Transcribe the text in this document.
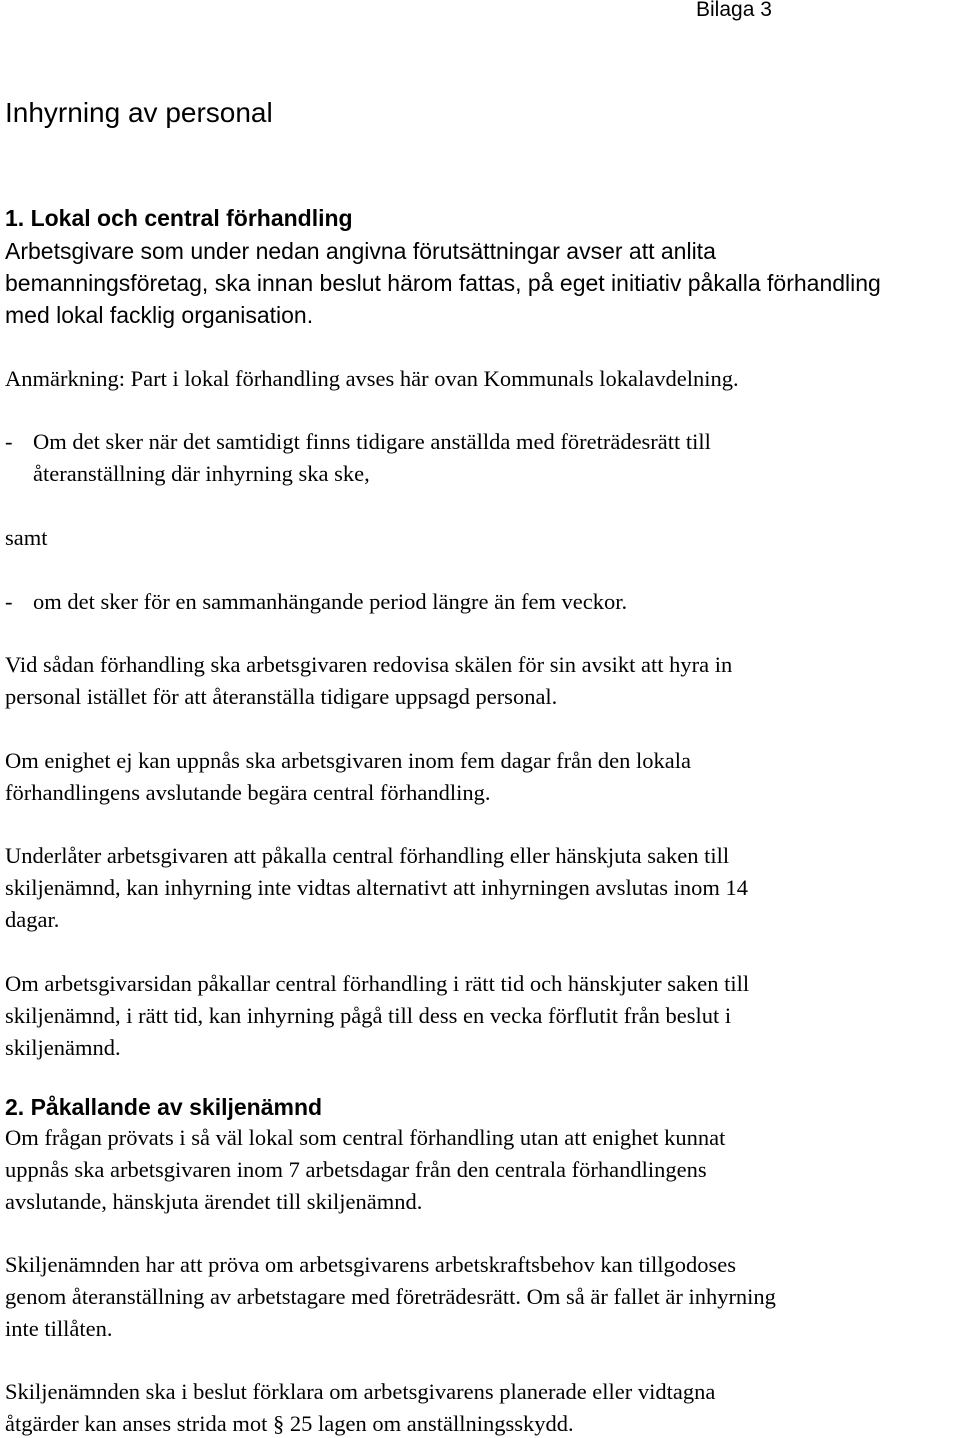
Bilaga 3
Inhyrning av personal
1. Lokal och central förhandling
Arbetsgivare som under nedan angivna förutsättningar avser att anlita
bemanningsföretag, ska innan beslut härom fattas, på eget initiativ påkalla förhandling
med lokal facklig organisation.
Anmärkning: Part i lokal förhandling avses här ovan Kommunals lokalavdelning.
- Om det sker när det samtidigt finns tidigare anställda med företrädesrätt till
återanställning där inhyrning ska ske,
samt
- om det sker för en sammanhängande period längre än fem veckor.
Vid sådan förhandling ska arbetsgivaren redovisa skälen för sin avsikt att hyra in
personal istället för att återanställa tidigare uppsagd personal.
Om enighet ej kan uppnås ska arbetsgivaren inom fem dagar från den lokala
förhandlingens avslutande begära central förhandling.
Underlåter arbetsgivaren att påkalla central förhandling eller hänskjuta saken till
skiljenämnd, kan inhyrning inte vidtas alternativt att inhyrningen avslutas inom 14
dagar.
Om arbetsgivarsidan påkallar central förhandling i rätt tid och hänskjuter saken till
skiljenämnd, i rätt tid, kan inhyrning pågå till dess en vecka förflutit från beslut i
skiljenämnd.
2. Påkallande av skiljenämnd
Om frågan prövats i så väl lokal som central förhandling utan att enighet kunnat
uppnås ska arbetsgivaren inom 7 arbetsdagar från den centrala förhandlingens
avslutande, hänskjuta ärendet till skiljenämnd.
Skiljenämnden har att pröva om arbetsgivarens arbetskraftsbehov kan tillgodoses
genom återanställning av arbetstagare med företrädesrätt. Om så är fallet är inhyrning
inte tillåten.
Skiljenämnden ska i beslut förklara om arbetsgivarens planerade eller vidtagna
åtgärder kan anses strida mot § 25 lagen om anställningsskydd.
